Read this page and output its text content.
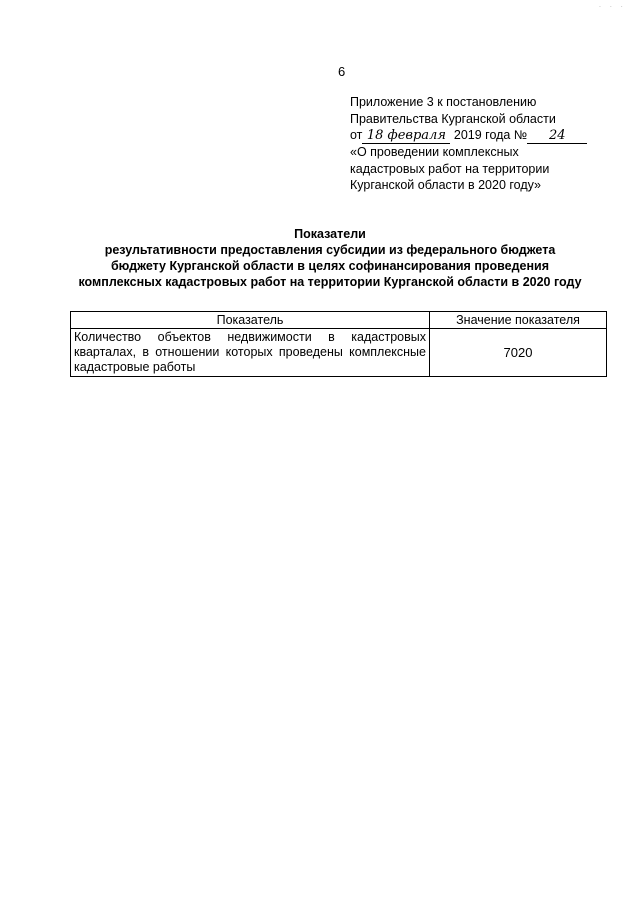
· · ·
6
Приложение 3 к постановлению
Правительства Курганской области
от 18 февраля 2019 года № 24
«О проведении комплексных
кадастровых работ на территории
Курганской области в 2020 году»
Показатели
результативности предоставления субсидии из федерального бюджета
бюджету Курганской области в целях софинансирования проведения
комплексных кадастровых работ на территории Курганской области в 2020 году
Показатель	Значение показателя
Количество объектов недвижимости в кадастровых кварталах, в отношении которых проведены комплексные кадастровые работы	7020
